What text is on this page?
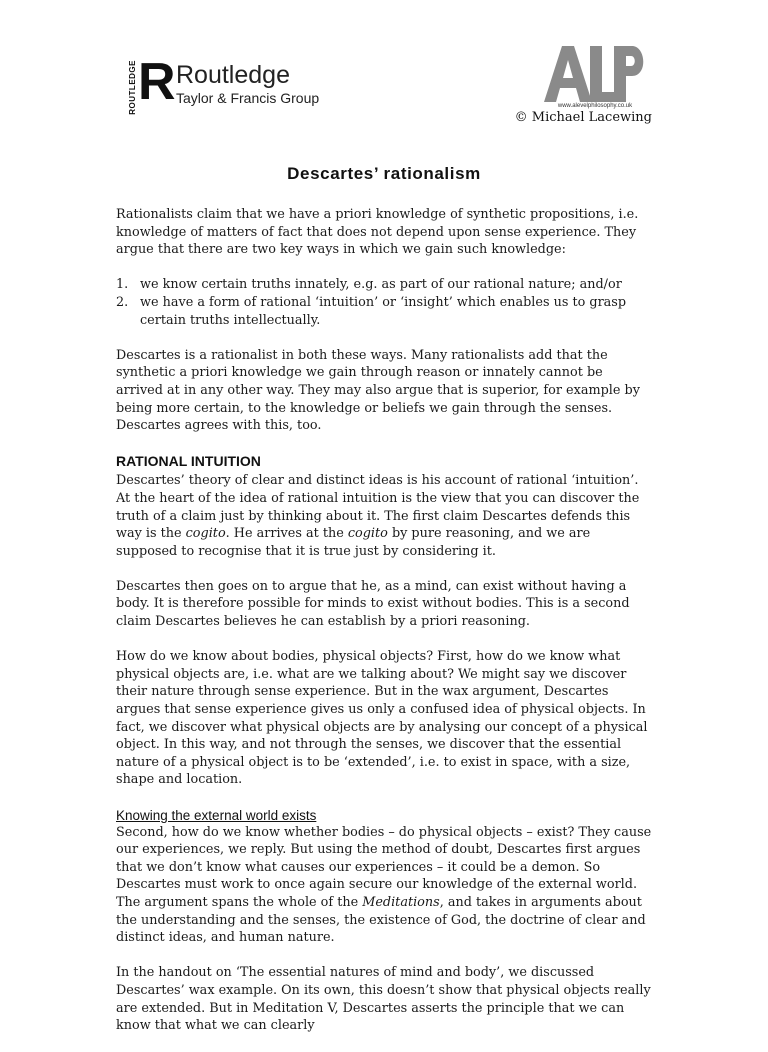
ROUTLEDGE R Routledge
Taylor & Francis Group	www.alevelphilosophy.co.uk
© Michael Lacewing
Descartes’ rationalism

Rationalists claim that we have a priori knowledge of synthetic propositions, i.e. knowledge of matters of fact that does not depend upon sense experience. They argue that there are two key ways in which we gain such knowledge:

1. we know certain truths innately, e.g. as part of our rational nature; and/or
2. we have a form of rational ‘intuition’ or ‘insight’ which enables us to grasp certain truths intellectually.

Descartes is a rationalist in both these ways. Many rationalists add that the synthetic a priori knowledge we gain through reason or innately cannot be arrived at in any other way. They may also argue that is superior, for example by being more certain, to the knowledge or beliefs we gain through the senses. Descartes agrees with this, too.

RATIONAL INTUITION

Descartes’ theory of clear and distinct ideas is his account of rational ‘intuition’. At the heart of the idea of rational intuition is the view that you can discover the truth of a claim just by thinking about it. The first claim Descartes defends this way is the cogito. He arrives at the cogito by pure reasoning, and we are supposed to recognise that it is true just by considering it.

Descartes then goes on to argue that he, as a mind, can exist without having a body. It is therefore possible for minds to exist without bodies. This is a second claim Descartes believes he can establish by a priori reasoning.

How do we know about bodies, physical objects? First, how do we know what physical objects are, i.e. what are we talking about? We might say we discover their nature through sense experience. But in the wax argument, Descartes argues that sense experience gives us only a confused idea of physical objects. In fact, we discover what physical objects are by analysing our concept of a physical object. In this way, and not through the senses, we discover that the essential nature of a physical object is to be ‘extended’, i.e. to exist in space, with a size, shape and location.

Knowing the external world exists

Second, how do we know whether bodies – do physical objects – exist? They cause our experiences, we reply. But using the method of doubt, Descartes first argues that we don’t know what causes our experiences – it could be a demon. So Descartes must work to once again secure our knowledge of the external world. The argument spans the whole of the Meditations, and takes in arguments about the understanding and the senses, the existence of God, the doctrine of clear and distinct ideas, and human nature.

In the handout on ‘The essential natures of mind and body’, we discussed Descartes’ wax example. On its own, this doesn’t show that physical objects really are extended. But in Meditation V, Descartes asserts the principle that we can know that what we can clearly
